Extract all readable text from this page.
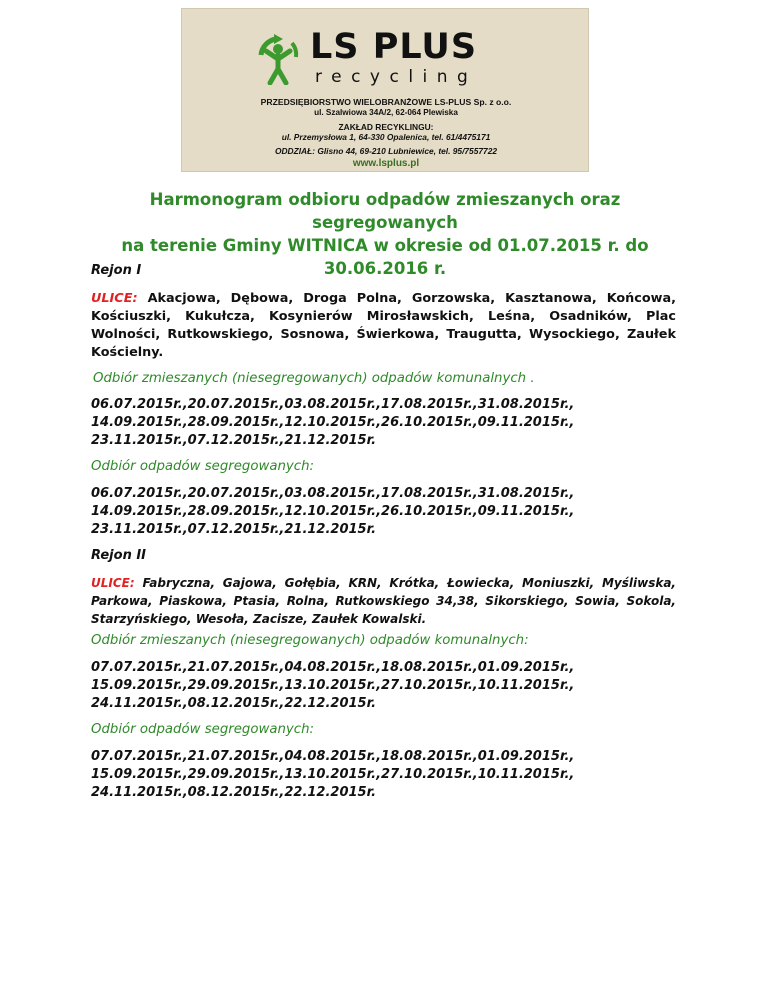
LS PLUS
recycling
PRZEDSIĘBIORSTWO WIELOBRANŻOWE LS-PLUS Sp. z o.o.
ul. Szalwiowa 34A/2, 62-064 Plewiska
ZAKŁAD RECYKLINGU:
ul. Przemysłowa 1, 64-330 Opalenica, tel. 61/4475171
ODDZIAŁ: Glisno 44, 69-210 Lubniewice, tel. 95/7557722
www.lsplus.pl
Harmonogram odbioru odpadów zmieszanych oraz segregowanych
na terenie Gminy WITNICA w okresie od 01.07.2015 r. do
30.06.2016 r.
Rejon I
ULICE: Akacjowa, Dębowa, Droga Polna, Gorzowska, Kasztanowa, Końcowa, Kościuszki, Kukułcza, Kosynierów Mirosławskich, Leśna, Osadników, Plac Wolności, Rutkowskiego, Sosnowa, Świerkowa, Traugutta, Wysockiego, Zaułek Kościelny.
Odbiór zmieszanych (niesegregowanych) odpadów komunalnych .
06.07.2015r.,20.07.2015r.,03.08.2015r.,17.08.2015r.,31.08.2015r.,
14.09.2015r.,28.09.2015r.,12.10.2015r.,26.10.2015r.,09.11.2015r.,
23.11.2015r.,07.12.2015r.,21.12.2015r.
Odbiór odpadów segregowanych:
06.07.2015r.,20.07.2015r.,03.08.2015r.,17.08.2015r.,31.08.2015r.,
14.09.2015r.,28.09.2015r.,12.10.2015r.,26.10.2015r.,09.11.2015r.,
23.11.2015r.,07.12.2015r.,21.12.2015r.
Rejon II
ULICE: Fabryczna, Gajowa, Gołębia, KRN, Krótka, Łowiecka, Moniuszki, Myśliwska, Parkowa, Piaskowa, Ptasia, Rolna, Rutkowskiego 34,38, Sikorskiego, Sowia, Sokola, Starzyńskiego, Wesoła, Zacisze, Zaułek Kowalski.
Odbiór zmieszanych (niesegregowanych) odpadów komunalnych:
07.07.2015r.,21.07.2015r.,04.08.2015r.,18.08.2015r.,01.09.2015r.,
15.09.2015r.,29.09.2015r.,13.10.2015r.,27.10.2015r.,10.11.2015r.,
24.11.2015r.,08.12.2015r.,22.12.2015r.
Odbiór odpadów segregowanych:
07.07.2015r.,21.07.2015r.,04.08.2015r.,18.08.2015r.,01.09.2015r.,
15.09.2015r.,29.09.2015r.,13.10.2015r.,27.10.2015r.,10.11.2015r.,
24.11.2015r.,08.12.2015r.,22.12.2015r.
